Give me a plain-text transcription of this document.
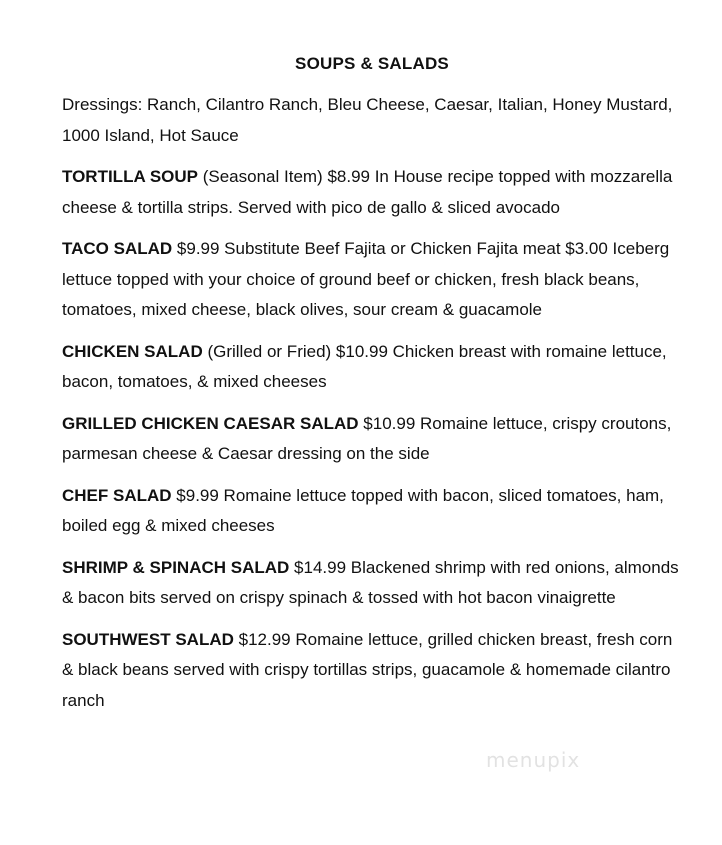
SOUPS & SALADS
Dressings: Ranch, Cilantro Ranch, Bleu Cheese, Caesar, Italian, Honey Mustard, 1000 Island, Hot Sauce
TORTILLA SOUP (Seasonal Item) $8.99 In House recipe topped with mozzarella cheese & tortilla strips. Served with pico de gallo & sliced avocado
TACO SALAD $9.99 Substitute Beef Fajita or Chicken Fajita meat $3.00 Iceberg lettuce topped with your choice of ground beef or chicken, fresh black beans, tomatoes, mixed cheese, black olives, sour cream & guacamole
CHICKEN SALAD (Grilled or Fried) $10.99 Chicken breast with romaine lettuce, bacon, tomatoes, & mixed cheeses
GRILLED CHICKEN CAESAR SALAD $10.99 Romaine lettuce, crispy croutons, parmesan cheese & Caesar dressing on the side
CHEF SALAD $9.99 Romaine lettuce topped with bacon, sliced tomatoes, ham, boiled egg & mixed cheeses
SHRIMP & SPINACH SALAD $14.99 Blackened shrimp with red onions, almonds & bacon bits served on crispy spinach & tossed with hot bacon vinaigrette
SOUTHWEST SALAD $12.99 Romaine lettuce, grilled chicken breast, fresh corn & black beans served with crispy tortillas strips, guacamole & homemade cilantro ranch
menupix
